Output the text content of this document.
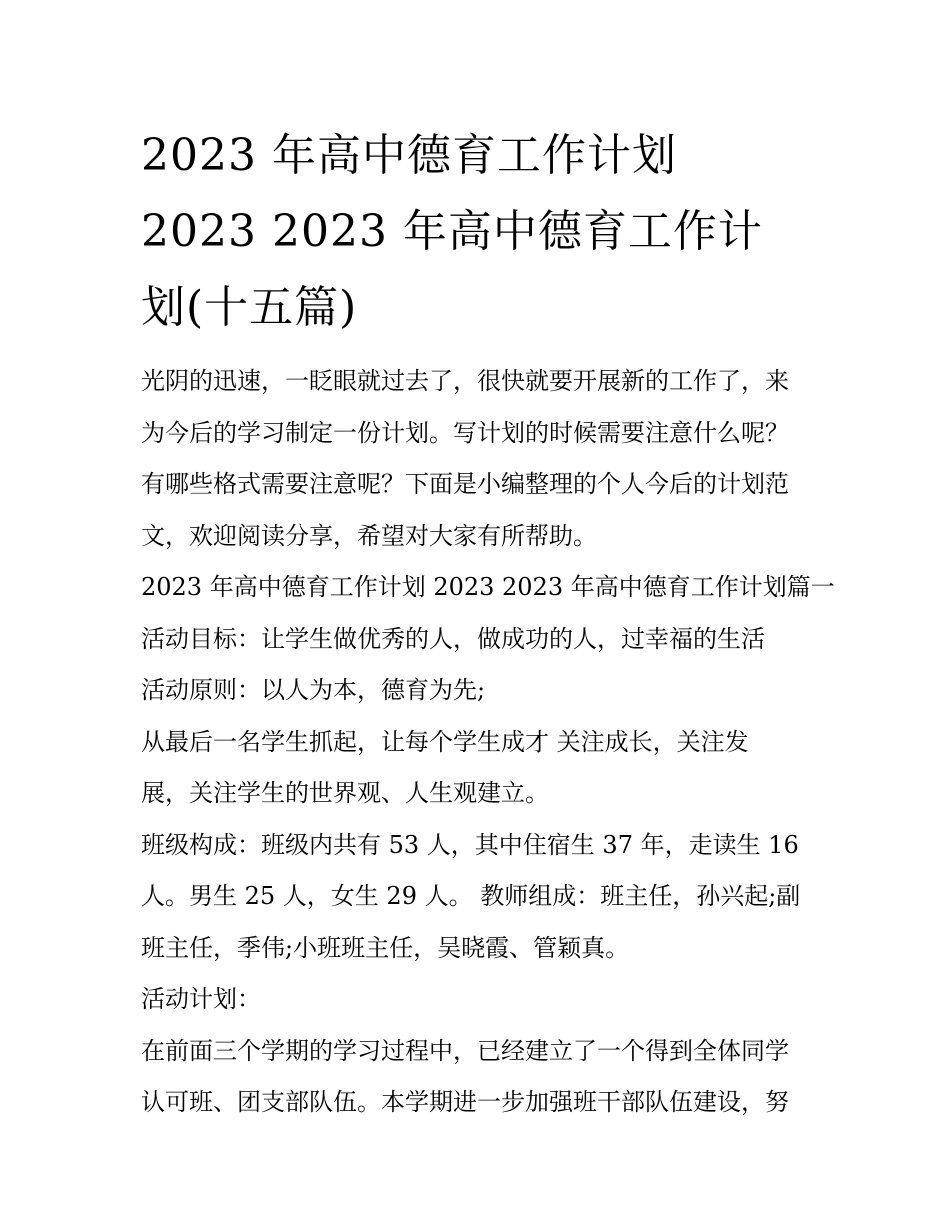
2023 年高中德育工作计划
2023 2023 年高中德育工作计
划(十五篇)
光阴的迅速，一眨眼就过去了，很快就要开展新的工作了，来
为今后的学习制定一份计划。写计划的时候需要注意什么呢？
有哪些格式需要注意呢？下面是小编整理的个人今后的计划范
文，欢迎阅读分享，希望对大家有所帮助。
2023 年高中德育工作计划 2023 2023 年高中德育工作计划篇一
活动目标：让学生做优秀的人，做成功的人，过幸福的生活
活动原则：以人为本，德育为先;
从最后一名学生抓起，让每个学生成才 关注成长，关注发
展，关注学生的世界观、人生观建立。
班级构成：班级内共有 53 人，其中住宿生 37 年，走读生 16
人。男生 25 人，女生 29 人。 教师组成：班主任，孙兴起;副
班主任，季伟;小班班主任，吴晓霞、管颖真。
活动计划：
在前面三个学期的学习过程中，已经建立了一个得到全体同学
认可班、团支部队伍。本学期进一步加强班干部队伍建设，努
